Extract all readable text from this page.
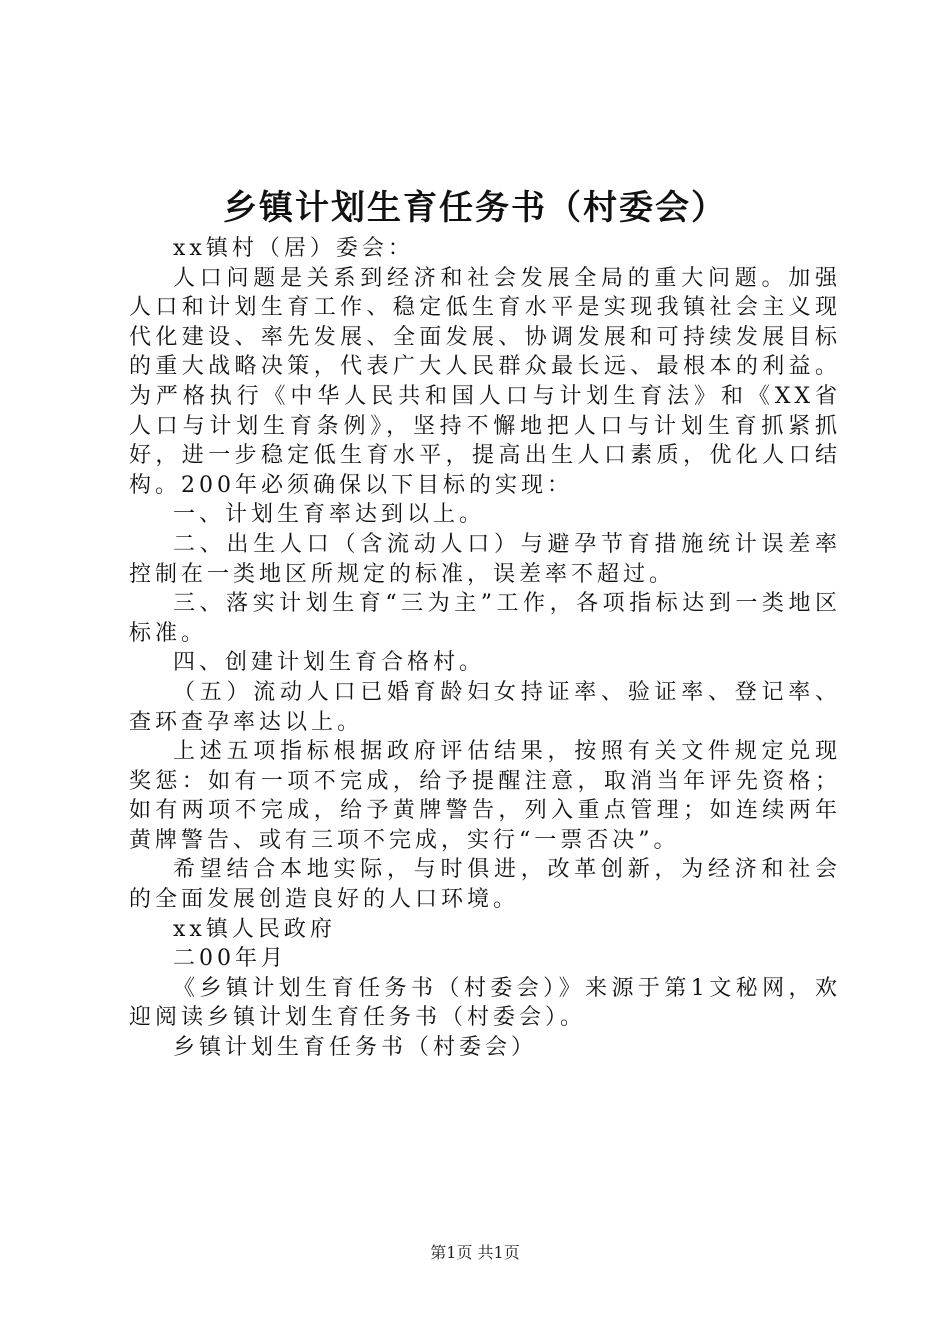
乡镇计划生育任务书（村委会）

xx镇村（居）委会：

人口问题是关系到经济和社会发展全局的重大问题。加强人口和计划生育工作、稳定低生育水平是实现我镇社会主义现代化建设、率先发展、全面发展、协调发展和可持续发展目标的重大战略决策，代表广大人民群众最长远、最根本的利益。为严格执行《中华人民共和国人口与计划生育法》和《XX省人口与计划生育条例》，坚持不懈地把人口与计划生育抓紧抓好，进一步稳定低生育水平，提高出生人口素质，优化人口结构。200年必须确保以下目标的实现：

一、计划生育率达到以上。

二、出生人口（含流动人口）与避孕节育措施统计误差率控制在一类地区所规定的标准，误差率不超过。

三、落实计划生育“三为主”工作，各项指标达到一类地区标准。

四、创建计划生育合格村。

（五）流动人口已婚育龄妇女持证率、验证率、登记率、查环查孕率达以上。

上述五项指标根据政府评估结果，按照有关文件规定兑现奖惩：如有一项不完成，给予提醒注意，取消当年评先资格；如有两项不完成，给予黄牌警告，列入重点管理；如连续两年黄牌警告、或有三项不完成，实行“一票否决”。

希望结合本地实际，与时俱进，改革创新，为经济和社会的全面发展创造良好的人口环境。

xx镇人民政府

二00年月

《乡镇计划生育任务书（村委会）》来源于第1文秘网，欢迎阅读乡镇计划生育任务书（村委会）。

乡镇计划生育任务书（村委会）

第1页 共1页
